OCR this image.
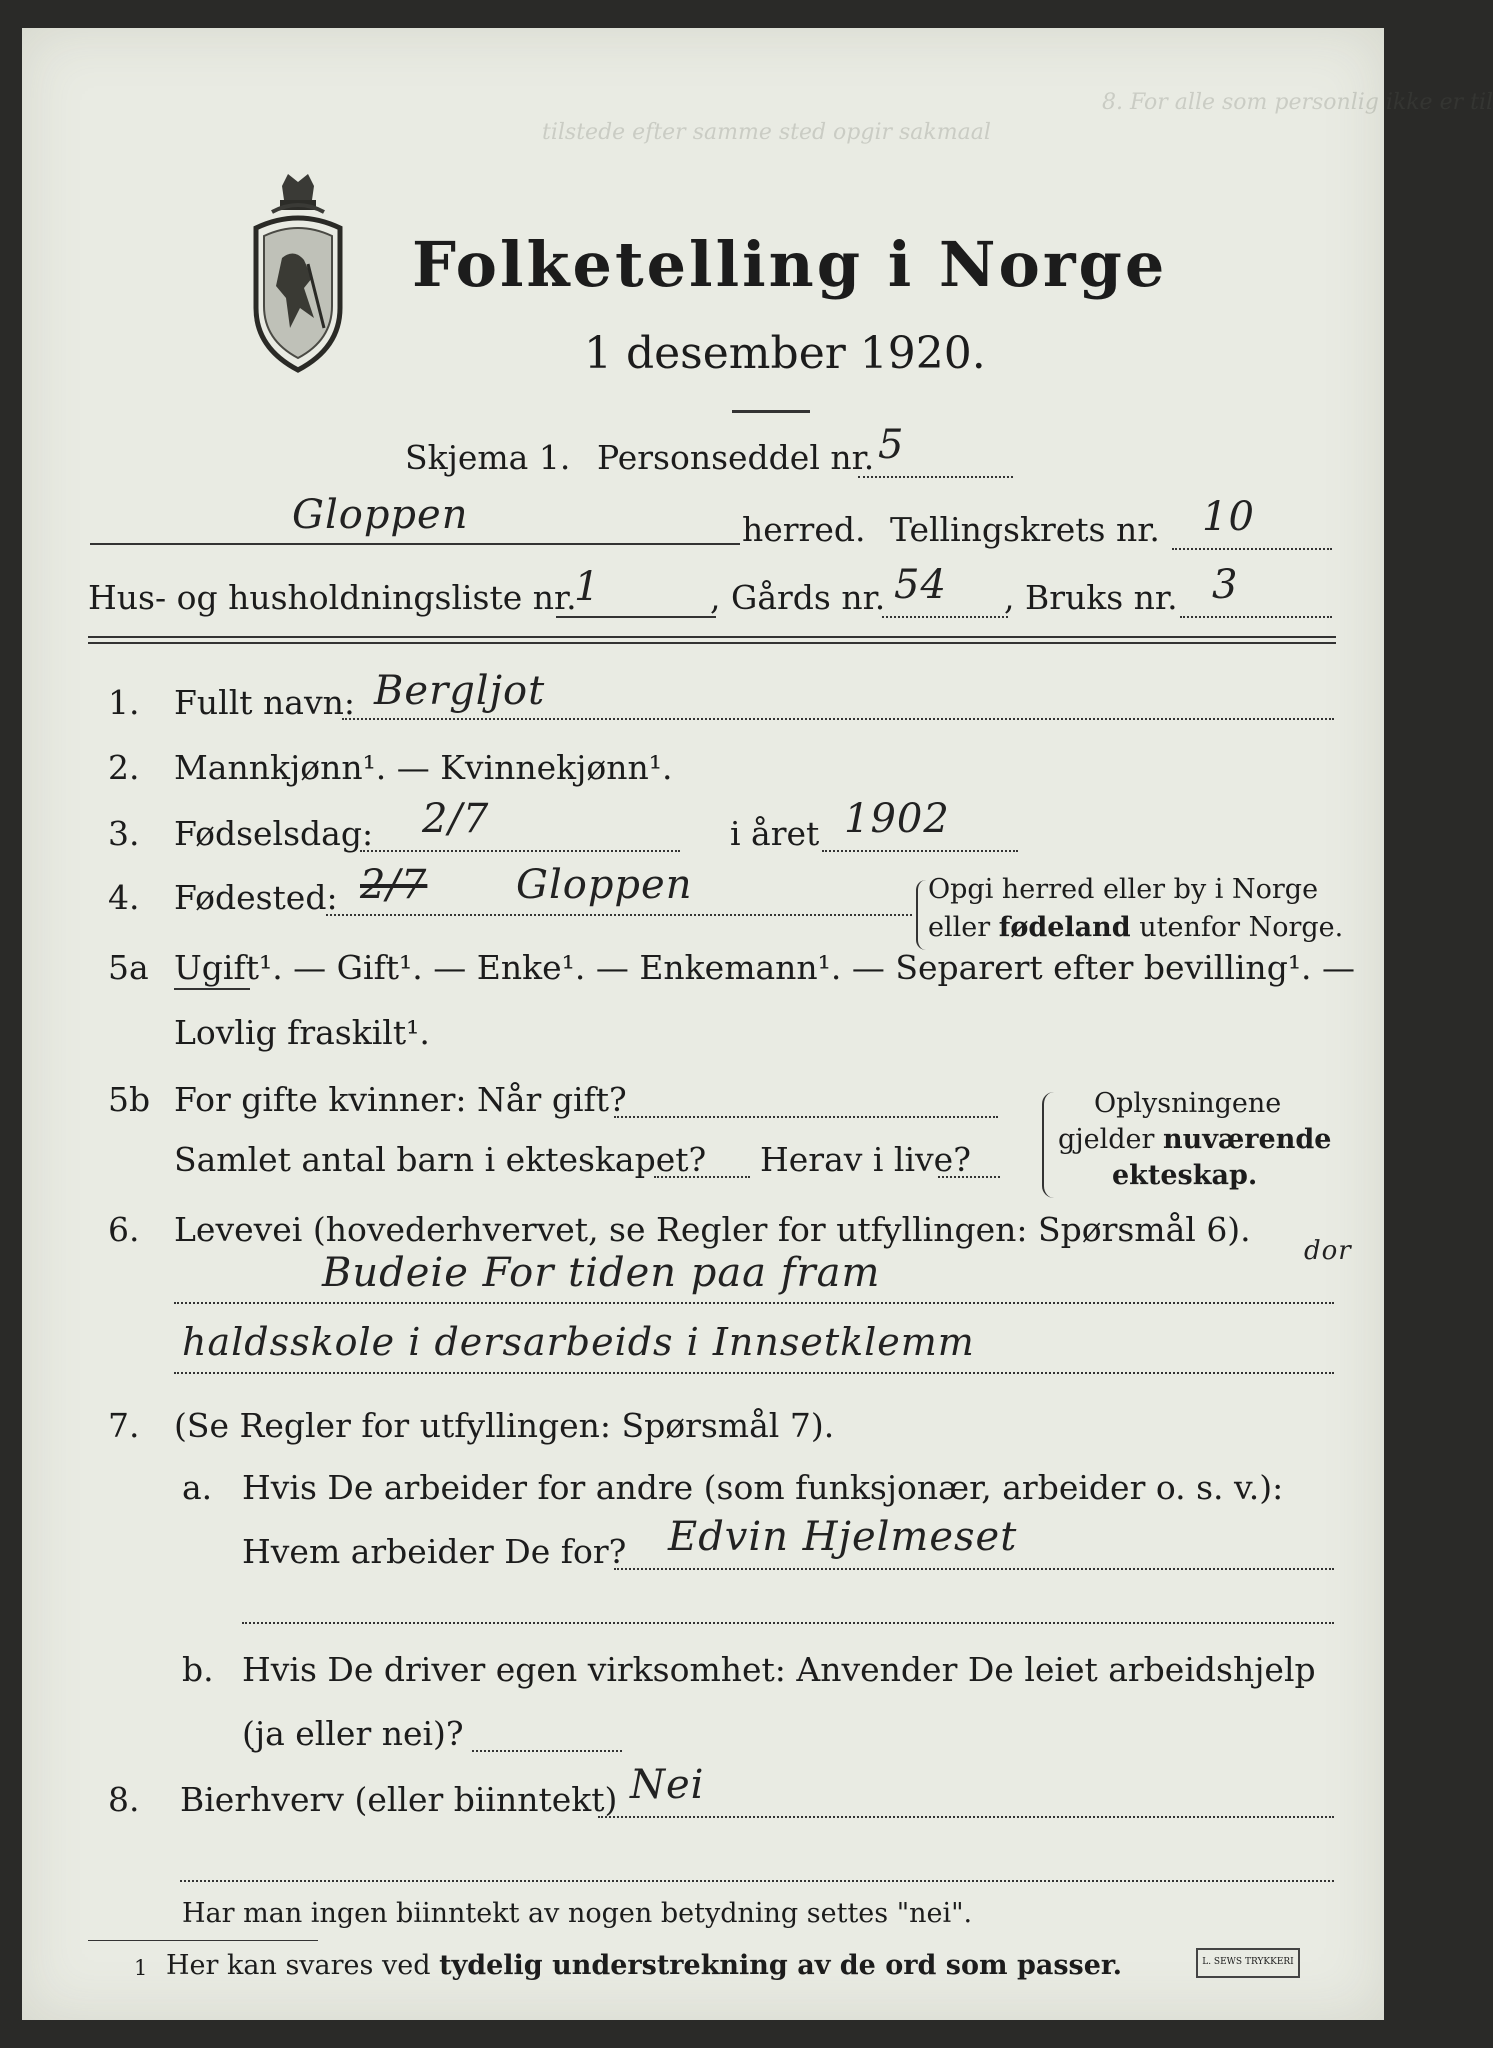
8. For alle som personlig ikke er til
tilstede efter samme sted opgir sakmaal
Folketelling i Norge
1 desember 1920.
Skjema 1. Personseddel nr. 5
Gloppen	herred. Tellingskrets nr. 10
Hus- og husholdningsliste nr.
1	, Gårds nr. 54 , Bruks nr. 3
1. Fullt navn: Bergljot
2. Mannkjønn¹. — Kvinnekjønn¹.
3. Fødselsdag: 2/7	i året 1902
4. Fødested: 2/7 Gloppen	Opgi herred eller by i Norge
eller fødeland utenfor Norge.
5a Ugift¹. — Gift¹. — Enke¹. — Enkemann¹. — Separert efter bevilling¹. —
Lovlig fraskilt¹.
5b For gifte kvinner: Når gift?
Samlet antal barn i ekteskapet? Herav i live?
Oplysningene
gjelder nuværende
ekteskap.
6. Levevei (hovederhvervet, se Regler for utfyllingen: Spørsmål 6).
Budeie For tiden paa fram	dor
haldsskole i dersarbeids i Innsetklemm
7. (Se Regler for utfyllingen: Spørsmål 7).
a. Hvis De arbeider for andre (som funksjonær, arbeider o. s. v.):
Hvem arbeider De for? Edvin Hjelmeset
b. Hvis De driver egen virksomhet: Anvender De leiet arbeidshjelp
(ja eller nei)?
8. Bierhverv (eller biinntekt) Nei
Har man ingen biinntekt av nogen betydning settes "nei".
1 Her kan svares ved tydelig understrekning av de ord som passer.	L. SEWS TRYKKERI
